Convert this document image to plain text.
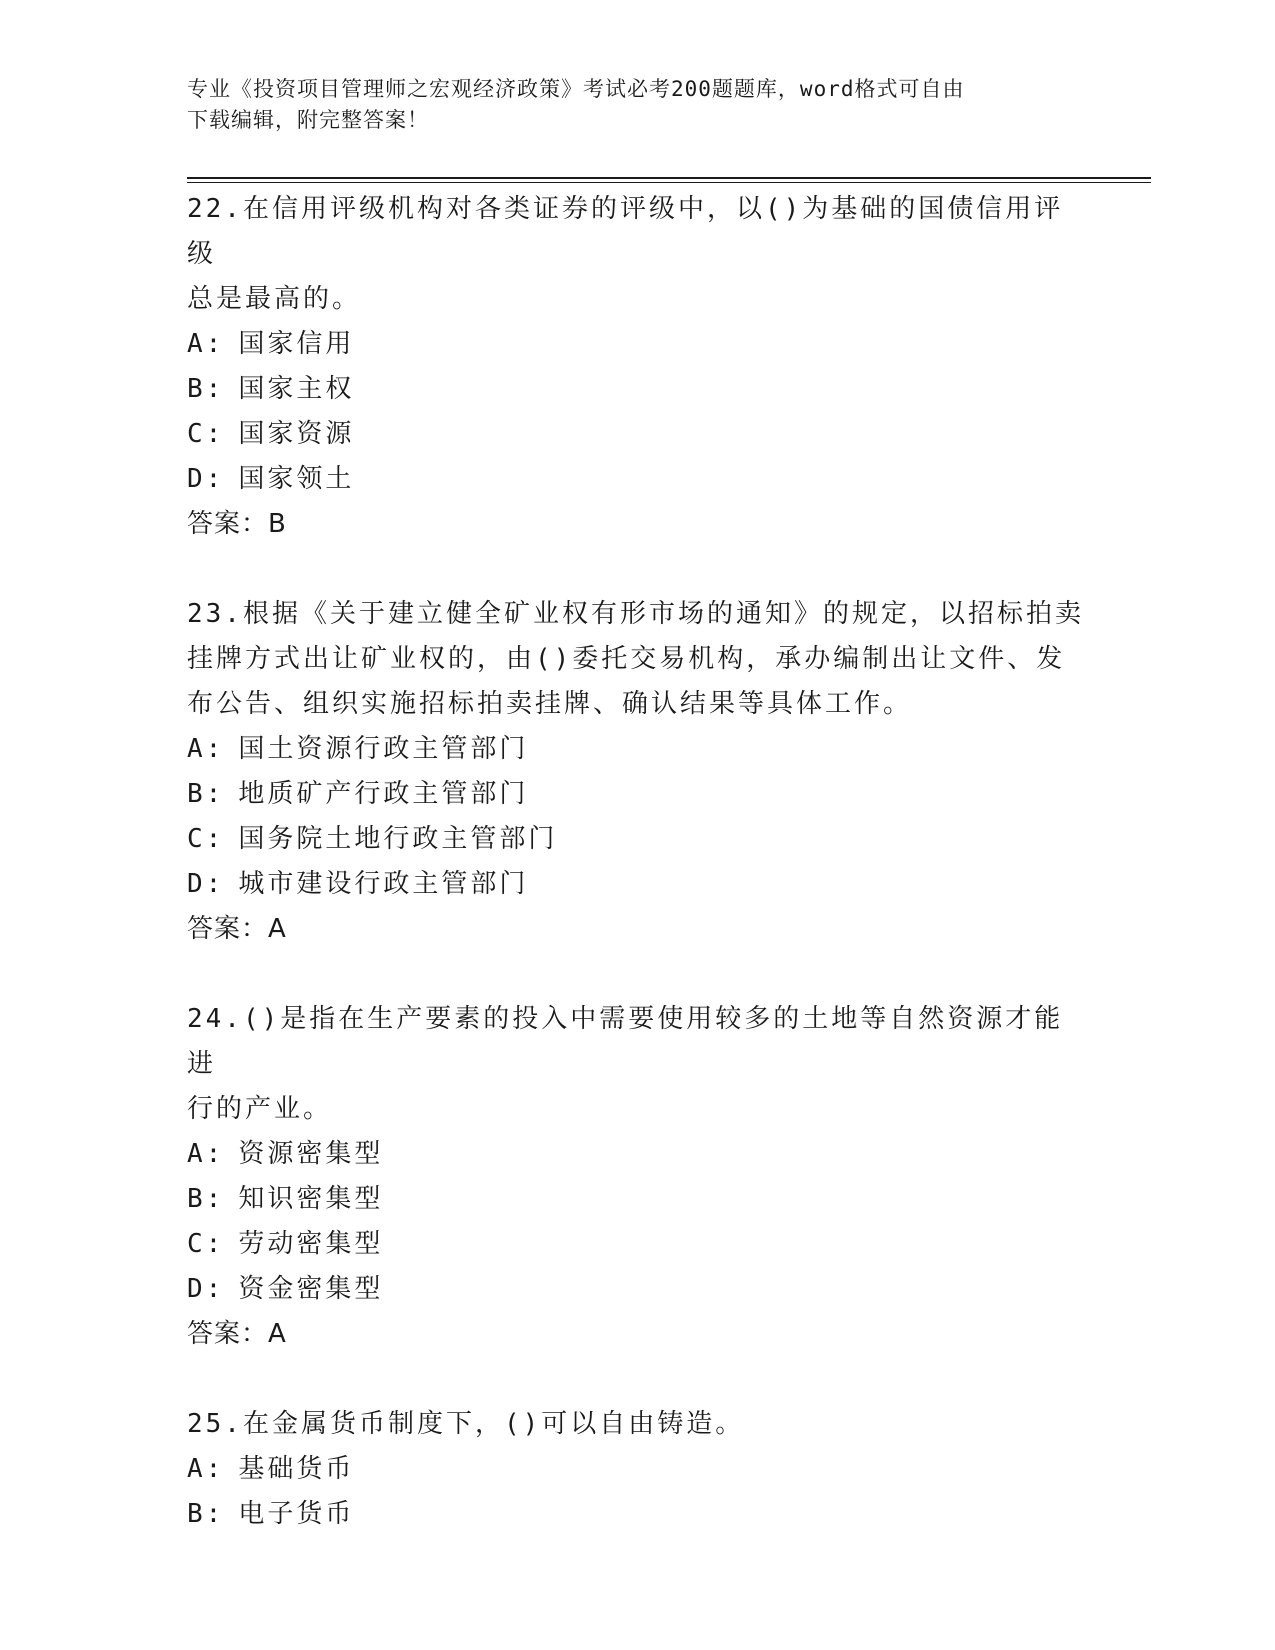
专业《投资项目管理师之宏观经济政策》考试必考200题题库，word格式可自由
下载编辑，附完整答案！

22.在信用评级机构对各类证券的评级中，以()为基础的国债信用评级

总是最高的。

A: 国家信用

B: 国家主权

C: 国家资源

D: 国家领土

答案：B

23.根据《关于建立健全矿业权有形市场的通知》的规定，以招标拍卖

挂牌方式出让矿业权的，由()委托交易机构，承办编制出让文件、发

布公告、组织实施招标拍卖挂牌、确认结果等具体工作。

A: 国土资源行政主管部门

B: 地质矿产行政主管部门

C: 国务院土地行政主管部门

D: 城市建设行政主管部门

答案：A

24.()是指在生产要素的投入中需要使用较多的土地等自然资源才能进

行的产业。

A: 资源密集型

B: 知识密集型

C: 劳动密集型

D: 资金密集型

答案：A

25.在金属货币制度下，()可以自由铸造。

A: 基础货币

B: 电子货币
